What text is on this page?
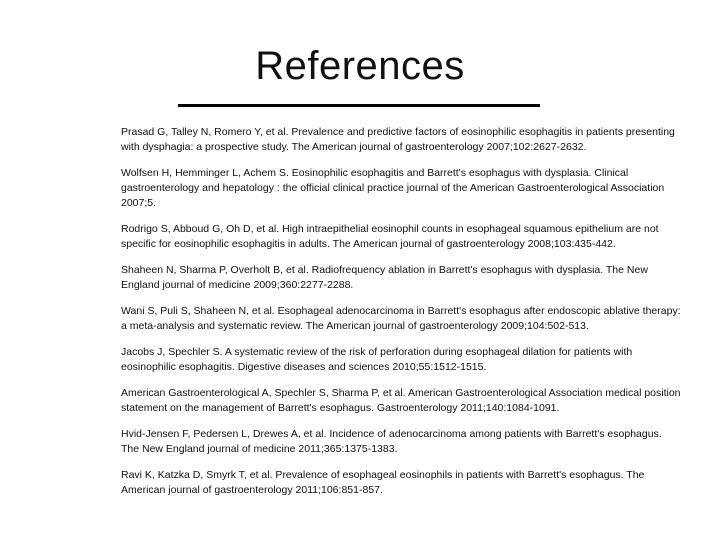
References
Prasad G, Talley N, Romero Y, et al. Prevalence and predictive factors of eosinophilic esophagitis in patients presenting with dysphagia: a prospective study. The American journal of gastroenterology 2007;102:2627-2632.
Wolfsen H, Hemminger L, Achem S. Eosinophilic esophagitis and Barrett's esophagus with dysplasia. Clinical gastroenterology and hepatology : the official clinical practice journal of the American Gastroenterological Association 2007;5.
Rodrigo S, Abboud G, Oh D, et al. High intraepithelial eosinophil counts in esophageal squamous epithelium are not specific for eosinophilic esophagitis in adults. The American journal of gastroenterology 2008;103:435-442.
Shaheen N, Sharma P, Overholt B, et al. Radiofrequency ablation in Barrett's esophagus with dysplasia. The New England journal of medicine 2009;360:2277-2288.
Wani S, Puli S, Shaheen N, et al. Esophageal adenocarcinoma in Barrett's esophagus after endoscopic ablative therapy: a meta-analysis and systematic review. The American journal of gastroenterology 2009;104:502-513.
Jacobs J, Spechler S. A systematic review of the risk of perforation during esophageal dilation for patients with eosinophilic esophagitis. Digestive diseases and sciences 2010;55:1512-1515.
American Gastroenterological A, Spechler S, Sharma P, et al. American Gastroenterological Association medical position statement on the management of Barrett's esophagus. Gastroenterology 2011;140:1084-1091.
Hvid-Jensen F, Pedersen L, Drewes A, et al. Incidence of adenocarcinoma among patients with Barrett's esophagus. The New England journal of medicine 2011;365:1375-1383.
Ravi K, Katzka D, Smyrk T, et al. Prevalence of esophageal eosinophils in patients with Barrett's esophagus. The American journal of gastroenterology 2011;106:851-857.
